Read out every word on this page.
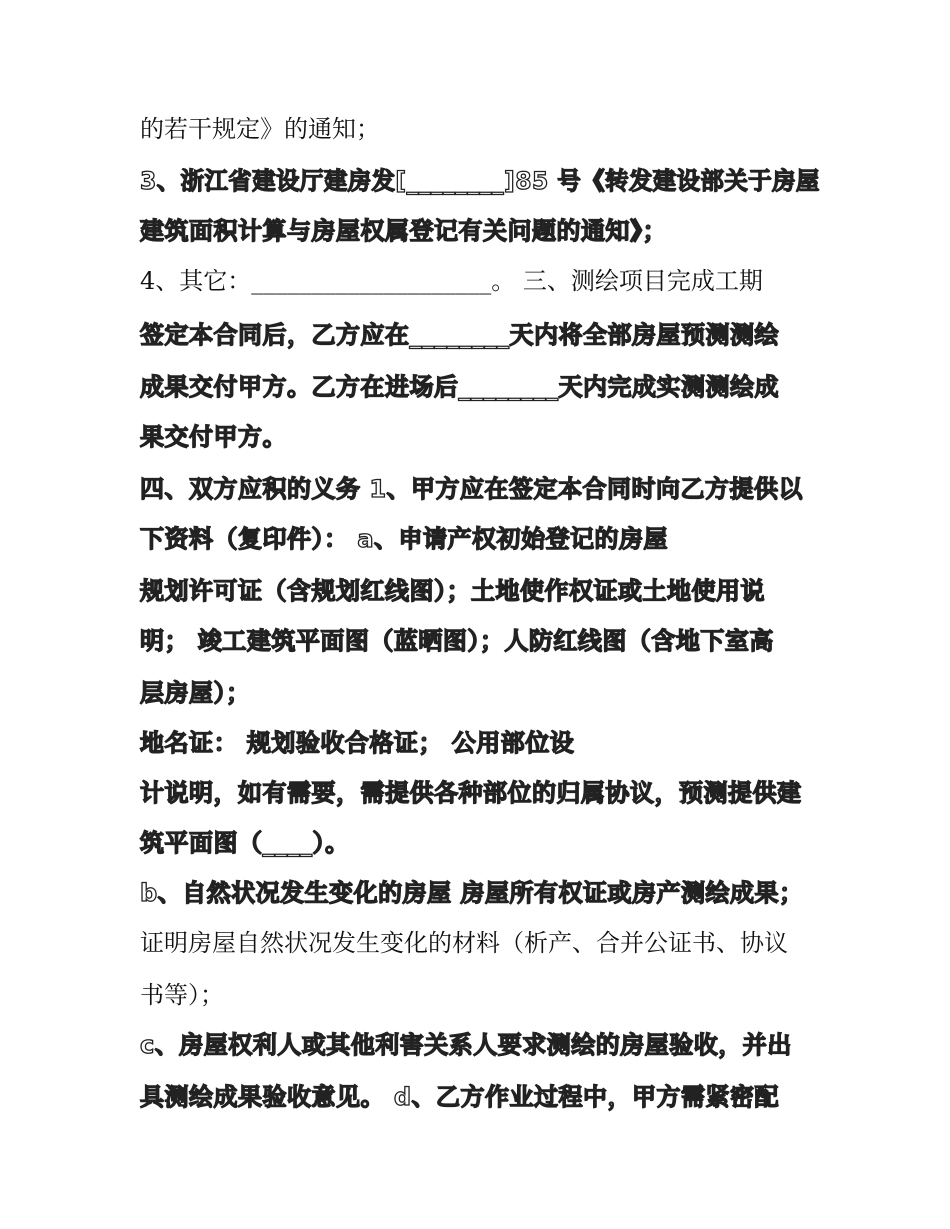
的若干规定》的通知；
3、浙江省建设厅建房发[________]85 号《转发建设部关于房屋
建筑面积计算与房屋权属登记有关问题的通知》；
4、其它：____________________。 三、测绘项目完成工期
签定本合同后，乙方应在________天内将全部房屋预测测绘
成果交付甲方。乙方在进场后________天内完成实测测绘成
果交付甲方。
四、双方应积的义务 1、甲方应在签定本合同时向乙方提供以
下资料（复印件）： a、申请产权初始登记的房屋
规划许可证（含规划红线图）；土地使作权证或土地使用说
明； 竣工建筑平面图（蓝晒图）；人防红线图（含地下室高
层房屋）；
地名证： 规划验收合格证； 公用部位设
计说明，如有需要，需提供各种部位的归属协议，预测提供建
筑平面图（____）。
b、自然状况发生变化的房屋 房屋所有权证或房产测绘成果；
证明房屋自然状况发生变化的材料（析产、合并公证书、协议
书等）；
c、房屋权利人或其他利害关系人要求测绘的房屋验收，并出
具测绘成果验收意见。 d、乙方作业过程中，甲方需紧密配
